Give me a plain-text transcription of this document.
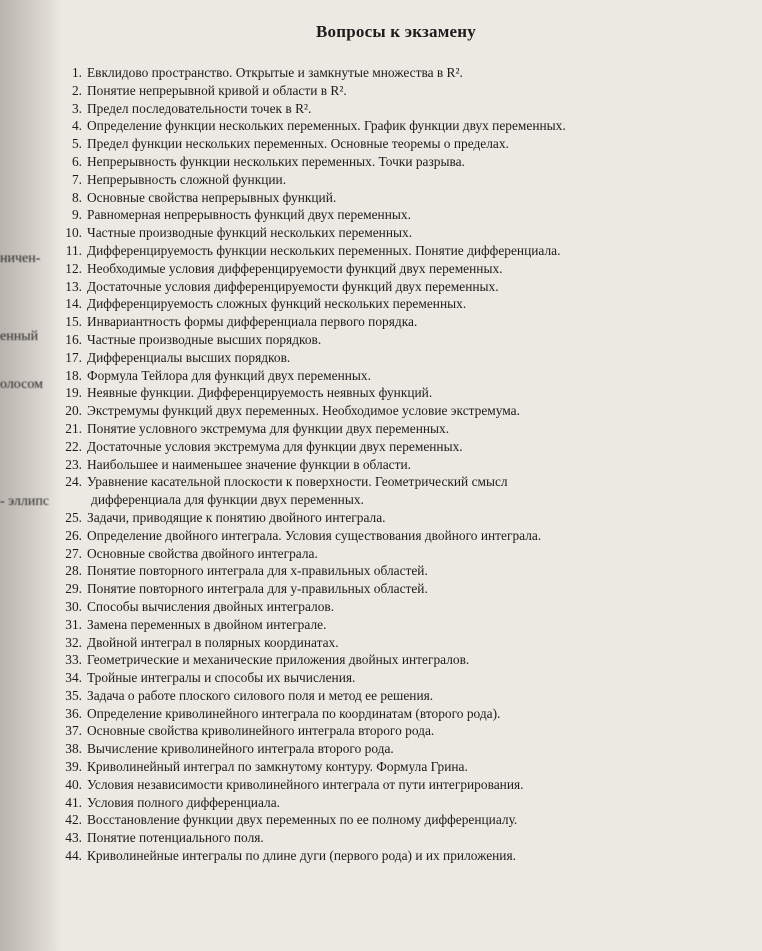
ничен-
енный
олосом
- эллипс
Вопросы к экзамену
1. Евклидово пространство. Открытые и замкнутые множества в R².
2. Понятие непрерывной кривой и области в R².
3. Предел последовательности точек в R².
4. Определение функции нескольких переменных. График функции двух переменных.
5. Предел функции нескольких переменных. Основные теоремы о пределах.
6. Непрерывность функции нескольких переменных. Точки разрыва.
7. Непрерывность сложной функции.
8. Основные свойства непрерывных функций.
9. Равномерная непрерывность функций двух переменных.
10. Частные производные функций нескольких переменных.
11. Дифференцируемость функции нескольких переменных. Понятие дифференциала.
12. Необходимые условия дифференцируемости функций двух переменных.
13. Достаточные условия дифференцируемости функций двух переменных.
14. Дифференцируемость сложных функций нескольких переменных.
15. Инвариантность формы дифференциала первого порядка.
16. Частные производные высших порядков.
17. Дифференциалы высших порядков.
18. Формула Тейлора для функций двух переменных.
19. Неявные функции. Дифференцируемость неявных функций.
20. Экстремумы функций двух переменных. Необходимое условие экстремума.
21. Понятие условного экстремума для функции двух переменных.
22. Достаточные условия экстремума для функции двух переменных.
23. Наибольшее и наименьшее значение функции в области.
24. Уравнение касательной плоскости к поверхности. Геометрический смысл
дифференциала для функции двух переменных.
25. Задачи, приводящие к понятию двойного интеграла.
26. Определение двойного интеграла. Условия существования двойного интеграла.
27. Основные свойства двойного интеграла.
28. Понятие повторного интеграла для x-правильных областей.
29. Понятие повторного интеграла для y-правильных областей.
30. Способы вычисления двойных интегралов.
31. Замена переменных в двойном интеграле.
32. Двойной интеграл в полярных координатах.
33. Геометрические и механические приложения двойных интегралов.
34. Тройные интегралы и способы их вычисления.
35. Задача о работе плоского силового поля и метод ее решения.
36. Определение криволинейного интеграла по координатам (второго рода).
37. Основные свойства криволинейного интеграла второго рода.
38. Вычисление криволинейного интеграла второго рода.
39. Криволинейный интеграл по замкнутому контуру. Формула Грина.
40. Условия независимости криволинейного интеграла от пути интегрирования.
41. Условия полного дифференциала.
42. Восстановление функции двух переменных по ее полному дифференциалу.
43. Понятие потенциального поля.
44. Криволинейные интегралы по длине дуги (первого рода) и их приложения.
